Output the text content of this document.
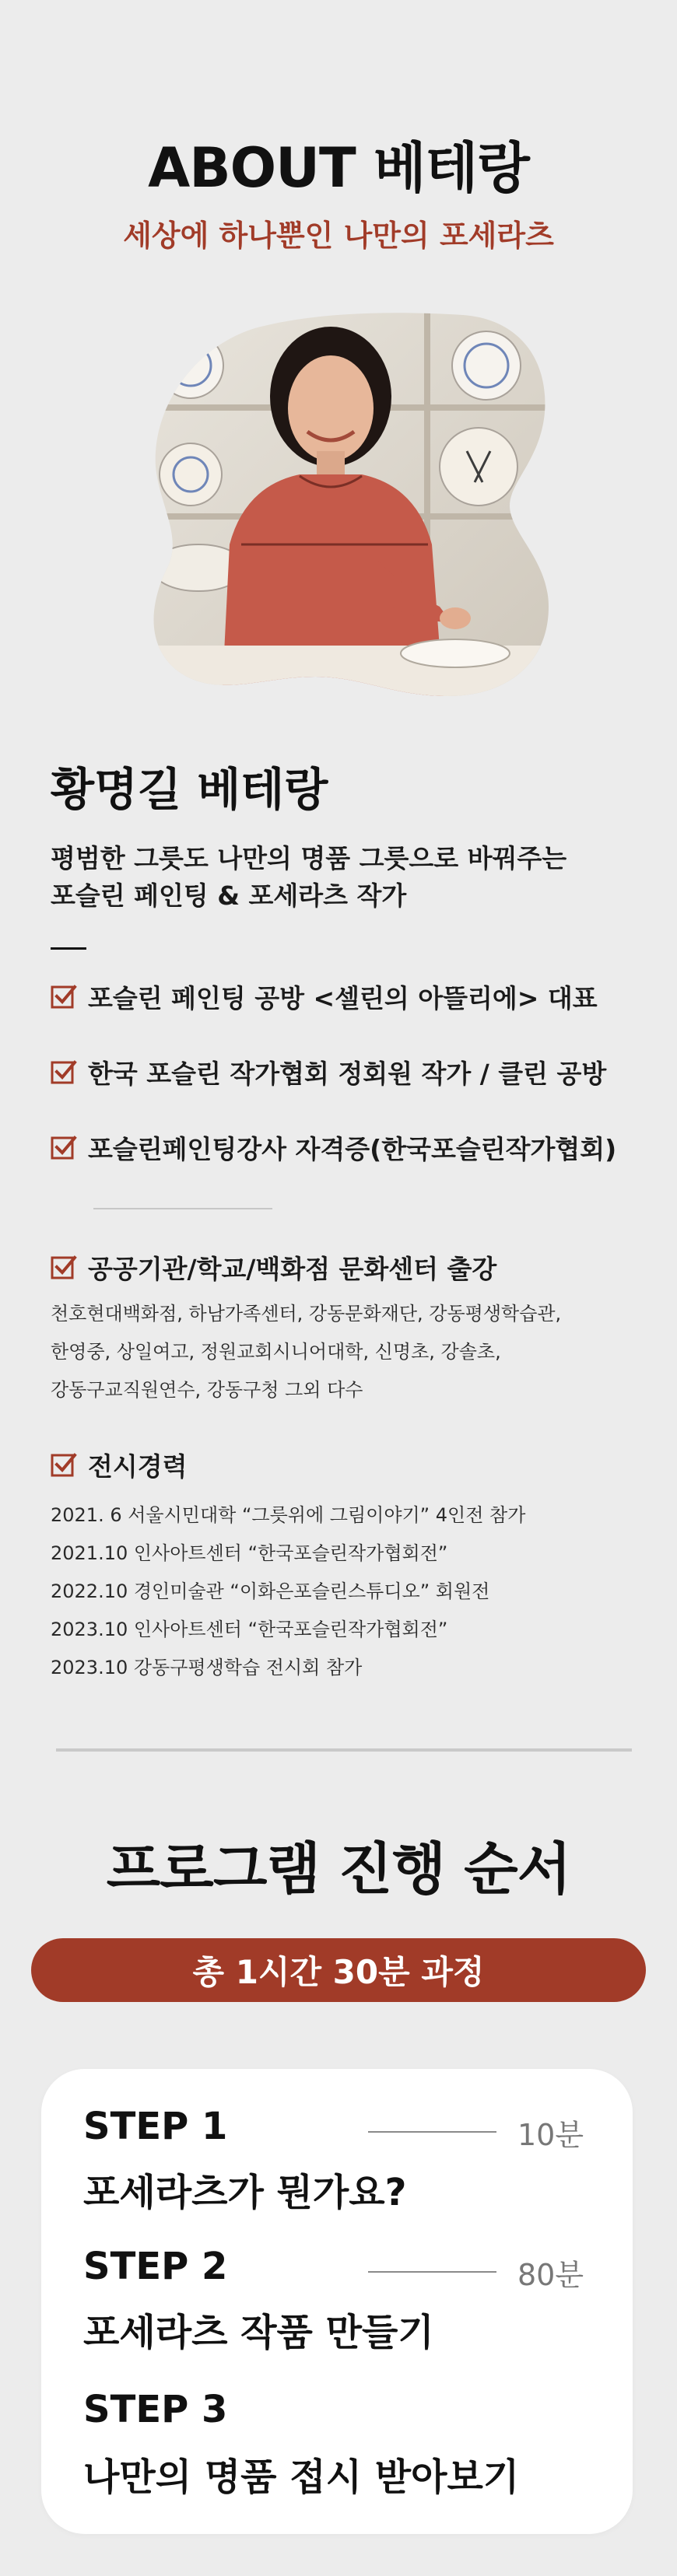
ABOUT 베테랑
세상에 하나뿐인 나만의 포세라츠
황명길 베테랑
평범한 그릇도 나만의 명품 그릇으로 바꿔주는
포슬린 페인팅 & 포세라츠 작가
포슬린 페인팅 공방 <셀린의 아뜰리에> 대표
한국 포슬린 작가협회 정회원 작가 / 클린 공방
포슬린페인팅강사 자격증(한국포슬린작가협회)
공공기관/학교/백화점 문화센터 출강
천호현대백화점, 하남가족센터, 강동문화재단, 강동평생학습관,
한영중, 상일여고, 정원교회시니어대학, 신명초, 강솔초,
강동구교직원연수, 강동구청 그외 다수
전시경력
2021. 6 서울시민대학 “그릇위에 그림이야기” 4인전 참가
2021.10 인사아트센터 “한국포슬린작가협회전”
2022.10 경인미술관 “이화은포슬린스튜디오” 회원전
2023.10 인사아트센터 “한국포슬린작가협회전”
2023.10 강동구평생학습 전시회 참가
프로그램 진행 순서
총 1시간 30분 과정
STEP 1	10분
포세라츠가 뭔가요?
STEP 2	80분
포세라츠 작품 만들기
STEP 3
나만의 명품 접시 받아보기
